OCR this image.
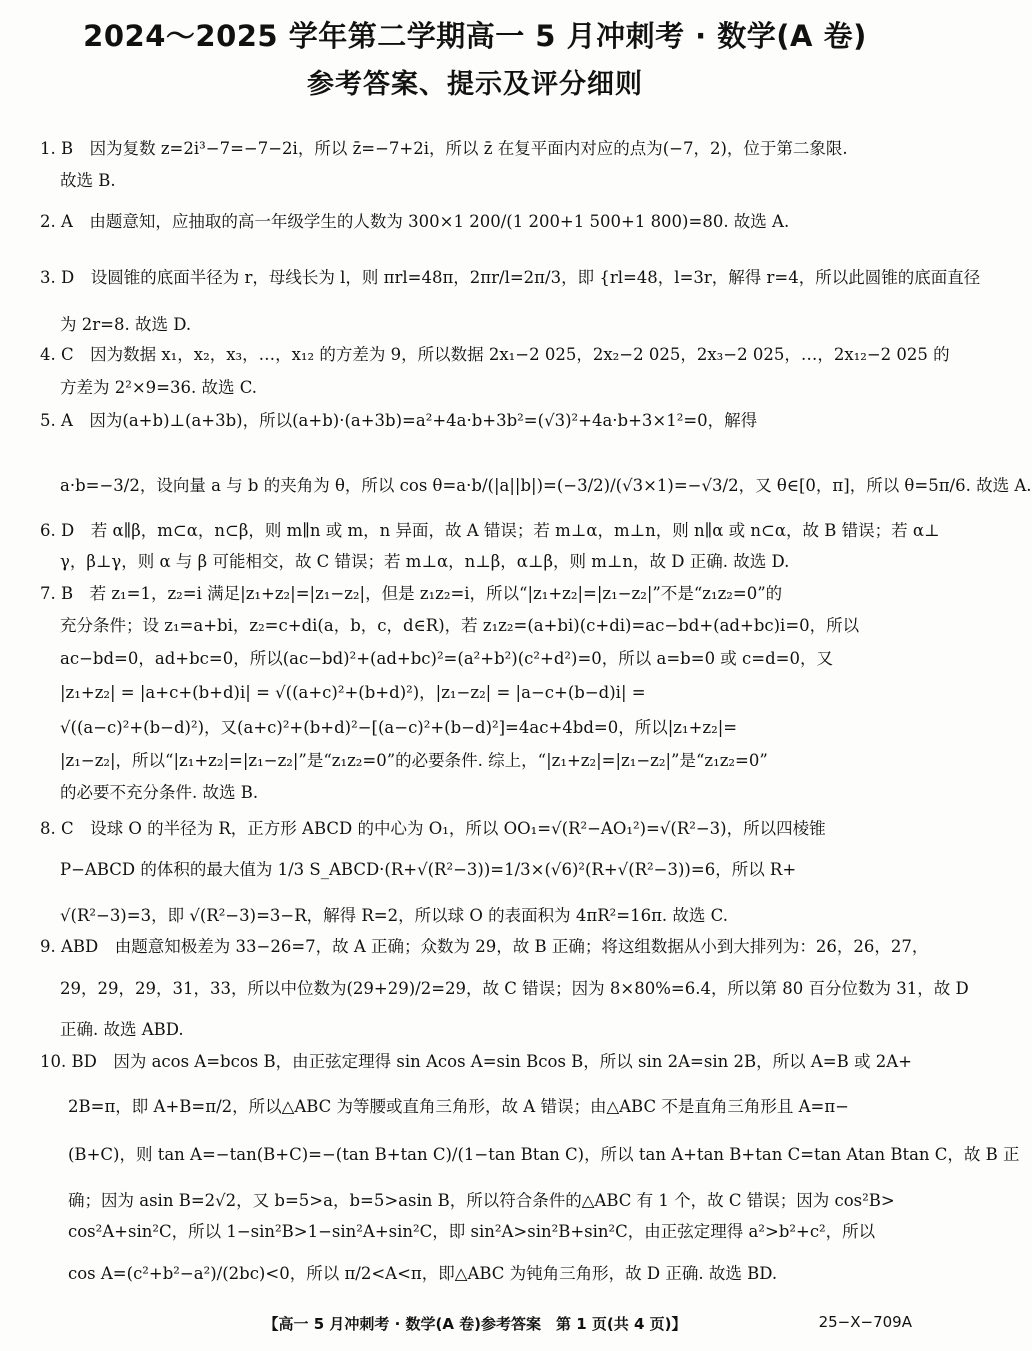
2024～2025 学年第二学期高一 5 月冲刺考 · 数学(A 卷)
参考答案、提示及评分细则
1. B　因为复数 z=2i³−7=−7−2i，所以 z̄=−7+2i，所以 z̄ 在复平面内对应的点为(−7，2)，位于第二象限.
故选 B.
2. A　由题意知，应抽取的高一年级学生的人数为 300×1 200/(1 200+1 500+1 800)=80. 故选 A.
3. D　设圆锥的底面半径为 r，母线长为 l，则 πrl=48π，2πr/l=2π/3，即 {rl=48，l=3r，解得 r=4，所以此圆锥的底面直径
为 2r=8. 故选 D.
4. C　因为数据 x₁，x₂，x₃，…，x₁₂ 的方差为 9，所以数据 2x₁−2 025，2x₂−2 025，2x₃−2 025，…，2x₁₂−2 025 的
方差为 2²×9=36. 故选 C.
5. A　因为(a+b)⊥(a+3b)，所以(a+b)·(a+3b)=a²+4a·b+3b²=(√3)²+4a·b+3×1²=0，解得
a·b=−3/2，设向量 a 与 b 的夹角为 θ，所以 cos θ=a·b/(|a||b|)=(−3/2)/(√3×1)=−√3/2，又 θ∈[0，π]，所以 θ=5π/6. 故选 A.
6. D　若 α∥β，m⊂α，n⊂β，则 m∥n 或 m，n 异面，故 A 错误；若 m⊥α，m⊥n，则 n∥α 或 n⊂α，故 B 错误；若 α⊥
γ，β⊥γ，则 α 与 β 可能相交，故 C 错误；若 m⊥α，n⊥β，α⊥β，则 m⊥n，故 D 正确. 故选 D.
7. B　若 z₁=1，z₂=i 满足|z₁+z₂|=|z₁−z₂|，但是 z₁z₂=i，所以“|z₁+z₂|=|z₁−z₂|”不是“z₁z₂=0”的
充分条件；设 z₁=a+bi，z₂=c+di(a，b，c，d∈R)，若 z₁z₂=(a+bi)(c+di)=ac−bd+(ad+bc)i=0，所以
ac−bd=0，ad+bc=0，所以(ac−bd)²+(ad+bc)²=(a²+b²)(c²+d²)=0，所以 a=b=0 或 c=d=0，又
|z₁+z₂| = |a+c+(b+d)i| = √((a+c)²+(b+d)²)，|z₁−z₂| = |a−c+(b−d)i| =
√((a−c)²+(b−d)²)，又(a+c)²+(b+d)²−[(a−c)²+(b−d)²]=4ac+4bd=0，所以|z₁+z₂|=
|z₁−z₂|，所以“|z₁+z₂|=|z₁−z₂|”是“z₁z₂=0”的必要条件. 综上，“|z₁+z₂|=|z₁−z₂|”是“z₁z₂=0”
的必要不充分条件. 故选 B.
8. C　设球 O 的半径为 R，正方形 ABCD 的中心为 O₁，所以 OO₁=√(R²−AO₁²)=√(R²−3)，所以四棱锥
P−ABCD 的体积的最大值为 1/3 S_ABCD·(R+√(R²−3))=1/3×(√6)²(R+√(R²−3))=6，所以 R+
√(R²−3)=3，即 √(R²−3)=3−R，解得 R=2，所以球 O 的表面积为 4πR²=16π. 故选 C.
9. ABD　由题意知极差为 33−26=7，故 A 正确；众数为 29，故 B 正确；将这组数据从小到大排列为：26，26，27，
29，29，29，31，33，所以中位数为(29+29)/2=29，故 C 错误；因为 8×80%=6.4，所以第 80 百分位数为 31，故 D
正确. 故选 ABD.
10. BD　因为 acos A=bcos B，由正弦定理得 sin Acos A=sin Bcos B，所以 sin 2A=sin 2B，所以 A=B 或 2A+
2B=π，即 A+B=π/2，所以△ABC 为等腰或直角三角形，故 A 错误；由△ABC 不是直角三角形且 A=π−
(B+C)，则 tan A=−tan(B+C)=−(tan B+tan C)/(1−tan Btan C)，所以 tan A+tan B+tan C=tan Atan Btan C，故 B 正
确；因为 asin B=2√2，又 b=5>a，b=5>asin B，所以符合条件的△ABC 有 1 个，故 C 错误；因为 cos²B>
cos²A+sin²C，所以 1−sin²B>1−sin²A+sin²C，即 sin²A>sin²B+sin²C，由正弦定理得 a²>b²+c²，所以
cos A=(c²+b²−a²)/(2bc)<0，所以 π/2<A<π，即△ABC 为钝角三角形，故 D 正确. 故选 BD.
【高一 5 月冲刺考 · 数学(A 卷)参考答案　第 1 页(共 4 页)】	25−X−709A
